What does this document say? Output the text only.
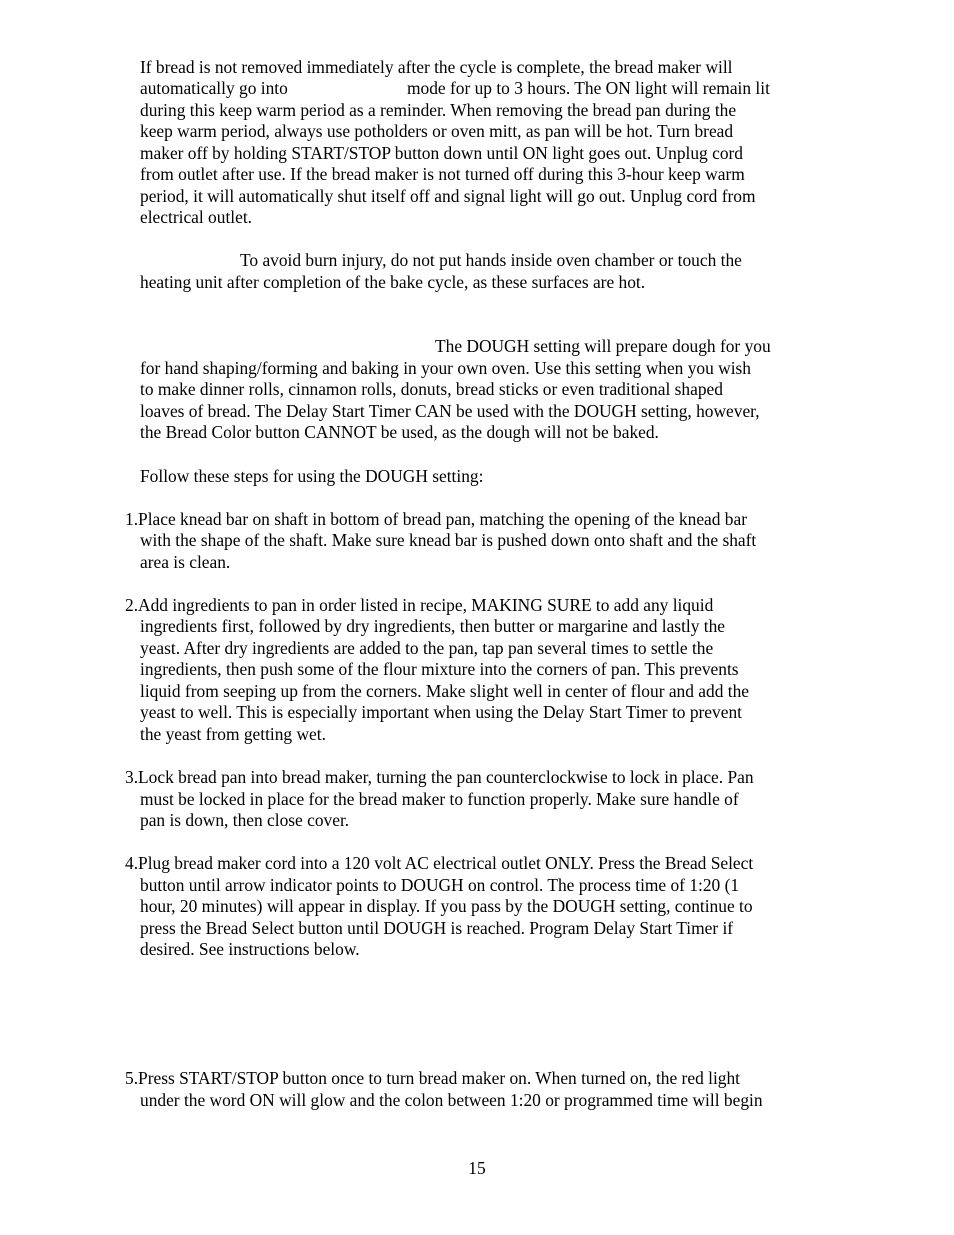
If bread is not removed immediately after the cycle is complete, the bread maker will
automatically go into	mode for up to 3 hours. The ON light will remain lit
during this keep warm period as a reminder. When removing the bread pan during the
keep warm period, always use potholders or oven mitt, as pan will be hot. Turn bread
maker off by holding START/STOP button down until ON light goes out. Unplug cord
from outlet after use. If the bread maker is not turned off during this 3-hour keep warm
period, it will automatically shut itself off and signal light will go out. Unplug cord from
electrical outlet.
To avoid burn injury, do not put hands inside oven chamber or touch the
heating unit after completion of the bake cycle, as these surfaces are hot.
The DOUGH setting will prepare dough for you
for hand shaping/forming and baking in your own oven. Use this setting when you wish
to make dinner rolls, cinnamon rolls, donuts, bread sticks or even traditional shaped
loaves of bread. The Delay Start Timer CAN be used with the DOUGH setting, however,
the Bread Color button CANNOT be used, as the dough will not be baked.
Follow these steps for using the DOUGH setting:
1.Place knead bar on shaft in bottom of bread pan, matching the opening of the knead bar
with the shape of the shaft. Make sure knead bar is pushed down onto shaft and the shaft
area is clean.
2.Add ingredients to pan in order listed in recipe, MAKING SURE to add any liquid
ingredients first, followed by dry ingredients, then butter or margarine and lastly the
yeast. After dry ingredients are added to the pan, tap pan several times to settle the
ingredients, then push some of the flour mixture into the corners of pan. This prevents
liquid from seeping up from the corners. Make slight well in center of flour and add the
yeast to well. This is especially important when using the Delay Start Timer to prevent
the yeast from getting wet.
3.Lock bread pan into bread maker, turning the pan counterclockwise to lock in place. Pan
must be locked in place for the bread maker to function properly. Make sure handle of
pan is down, then close cover.
4.Plug bread maker cord into a 120 volt AC electrical outlet ONLY. Press the Bread Select
button until arrow indicator points to DOUGH on control. The process time of 1:20 (1
hour, 20 minutes) will appear in display. If you pass by the DOUGH setting, continue to
press the Bread Select button until DOUGH is reached. Program Delay Start Timer if
desired. See instructions below.
5.Press START/STOP button once to turn bread maker on. When turned on, the red light
under the word ON will glow and the colon between 1:20 or programmed time will begin
15
